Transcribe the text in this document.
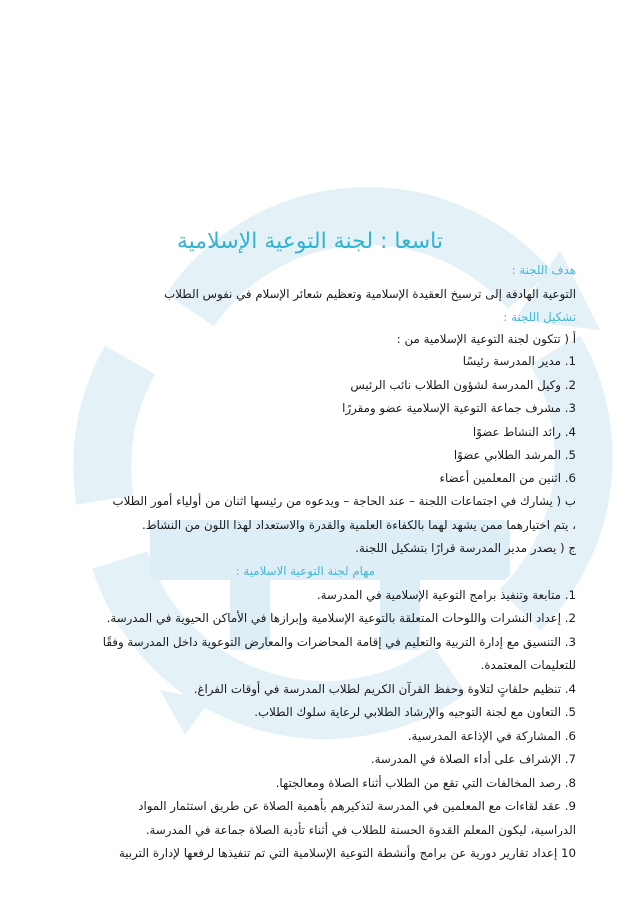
تاسعا : لجنة التوعية الإسلامية
هدف اللجنة :
التوعية الهادفة إلى ترسيخ العقيدة الإسلامية وتعظيم شعائر الإسلام في نفوس الطلاب
تشكيل اللجنة :
أ ( تتكون لجنة التوعية الإسلامية من :
1. مدير المدرسة رئيسًا
2. وكيل المدرسة لشؤون الطلاب نائب الرئيس
3. مشرف جماعة التوعية الإسلامية عضو ومقررًا
4. رائد النشاط عضوًا
5. المرشد الطلابي عضوًا
6. اثنين من المعلمين أعضاء
ب ( يشارك في اجتماعات اللجنة – عند الحاجة – ويدعوه من رئيسها اثنان من أولياء أمور الطلاب
، يتم اختيارهما ممن يشهد لهما بالكفاءة العلمية والقدرة والاستعداد لهذا اللون من النشاط.
ج ( يصدر مدير المدرسة قرارًا بتشكيل اللجنة.
مهام لجنة التوعية الاسلامية :
1. متابعة وتنفيذ برامج التوعية الإسلامية في المدرسة.
2. إعداد النشرات واللوحات المتعلقة بالتوعية الإسلامية وإبرازها في الأماكن الحيوية في المدرسة.
3. التنسيق مع إدارة التربية والتعليم في إقامة المحاضرات والمعارض التوعوية داخل المدرسة وفقًا
للتعليمات المعتمدة.
4. تنظيم حلقاتٍ لتلاوة وحفظ القرآن الكريم لطلاب المدرسة في أوقات الفراغ.
5. التعاون مع لجنة التوجيه والإرشاد الطلابي لرعاية سلوك الطلاب.
6. المشاركة في الإذاعة المدرسية.
7. الإشراف على أداء الصلاة في المدرسة.
8. رصد المخالفات التي تقع من الطلاب أثناء الصلاة ومعالجتها.
9. عقد لقاءات مع المعلمين في المدرسة لتذكيرهم بأهمية الصلاة عن طريق استثمار المواد
الدراسية، ليكون المعلم القدوة الحسنة للطلاب في أثناء تأدية الصلاة جماعة في المدرسة.
10 إعداد تقارير دورية عن برامج وأنشطة التوعية الإسلامية التي تم تنفيذها لرفعها لإدارة التربية
